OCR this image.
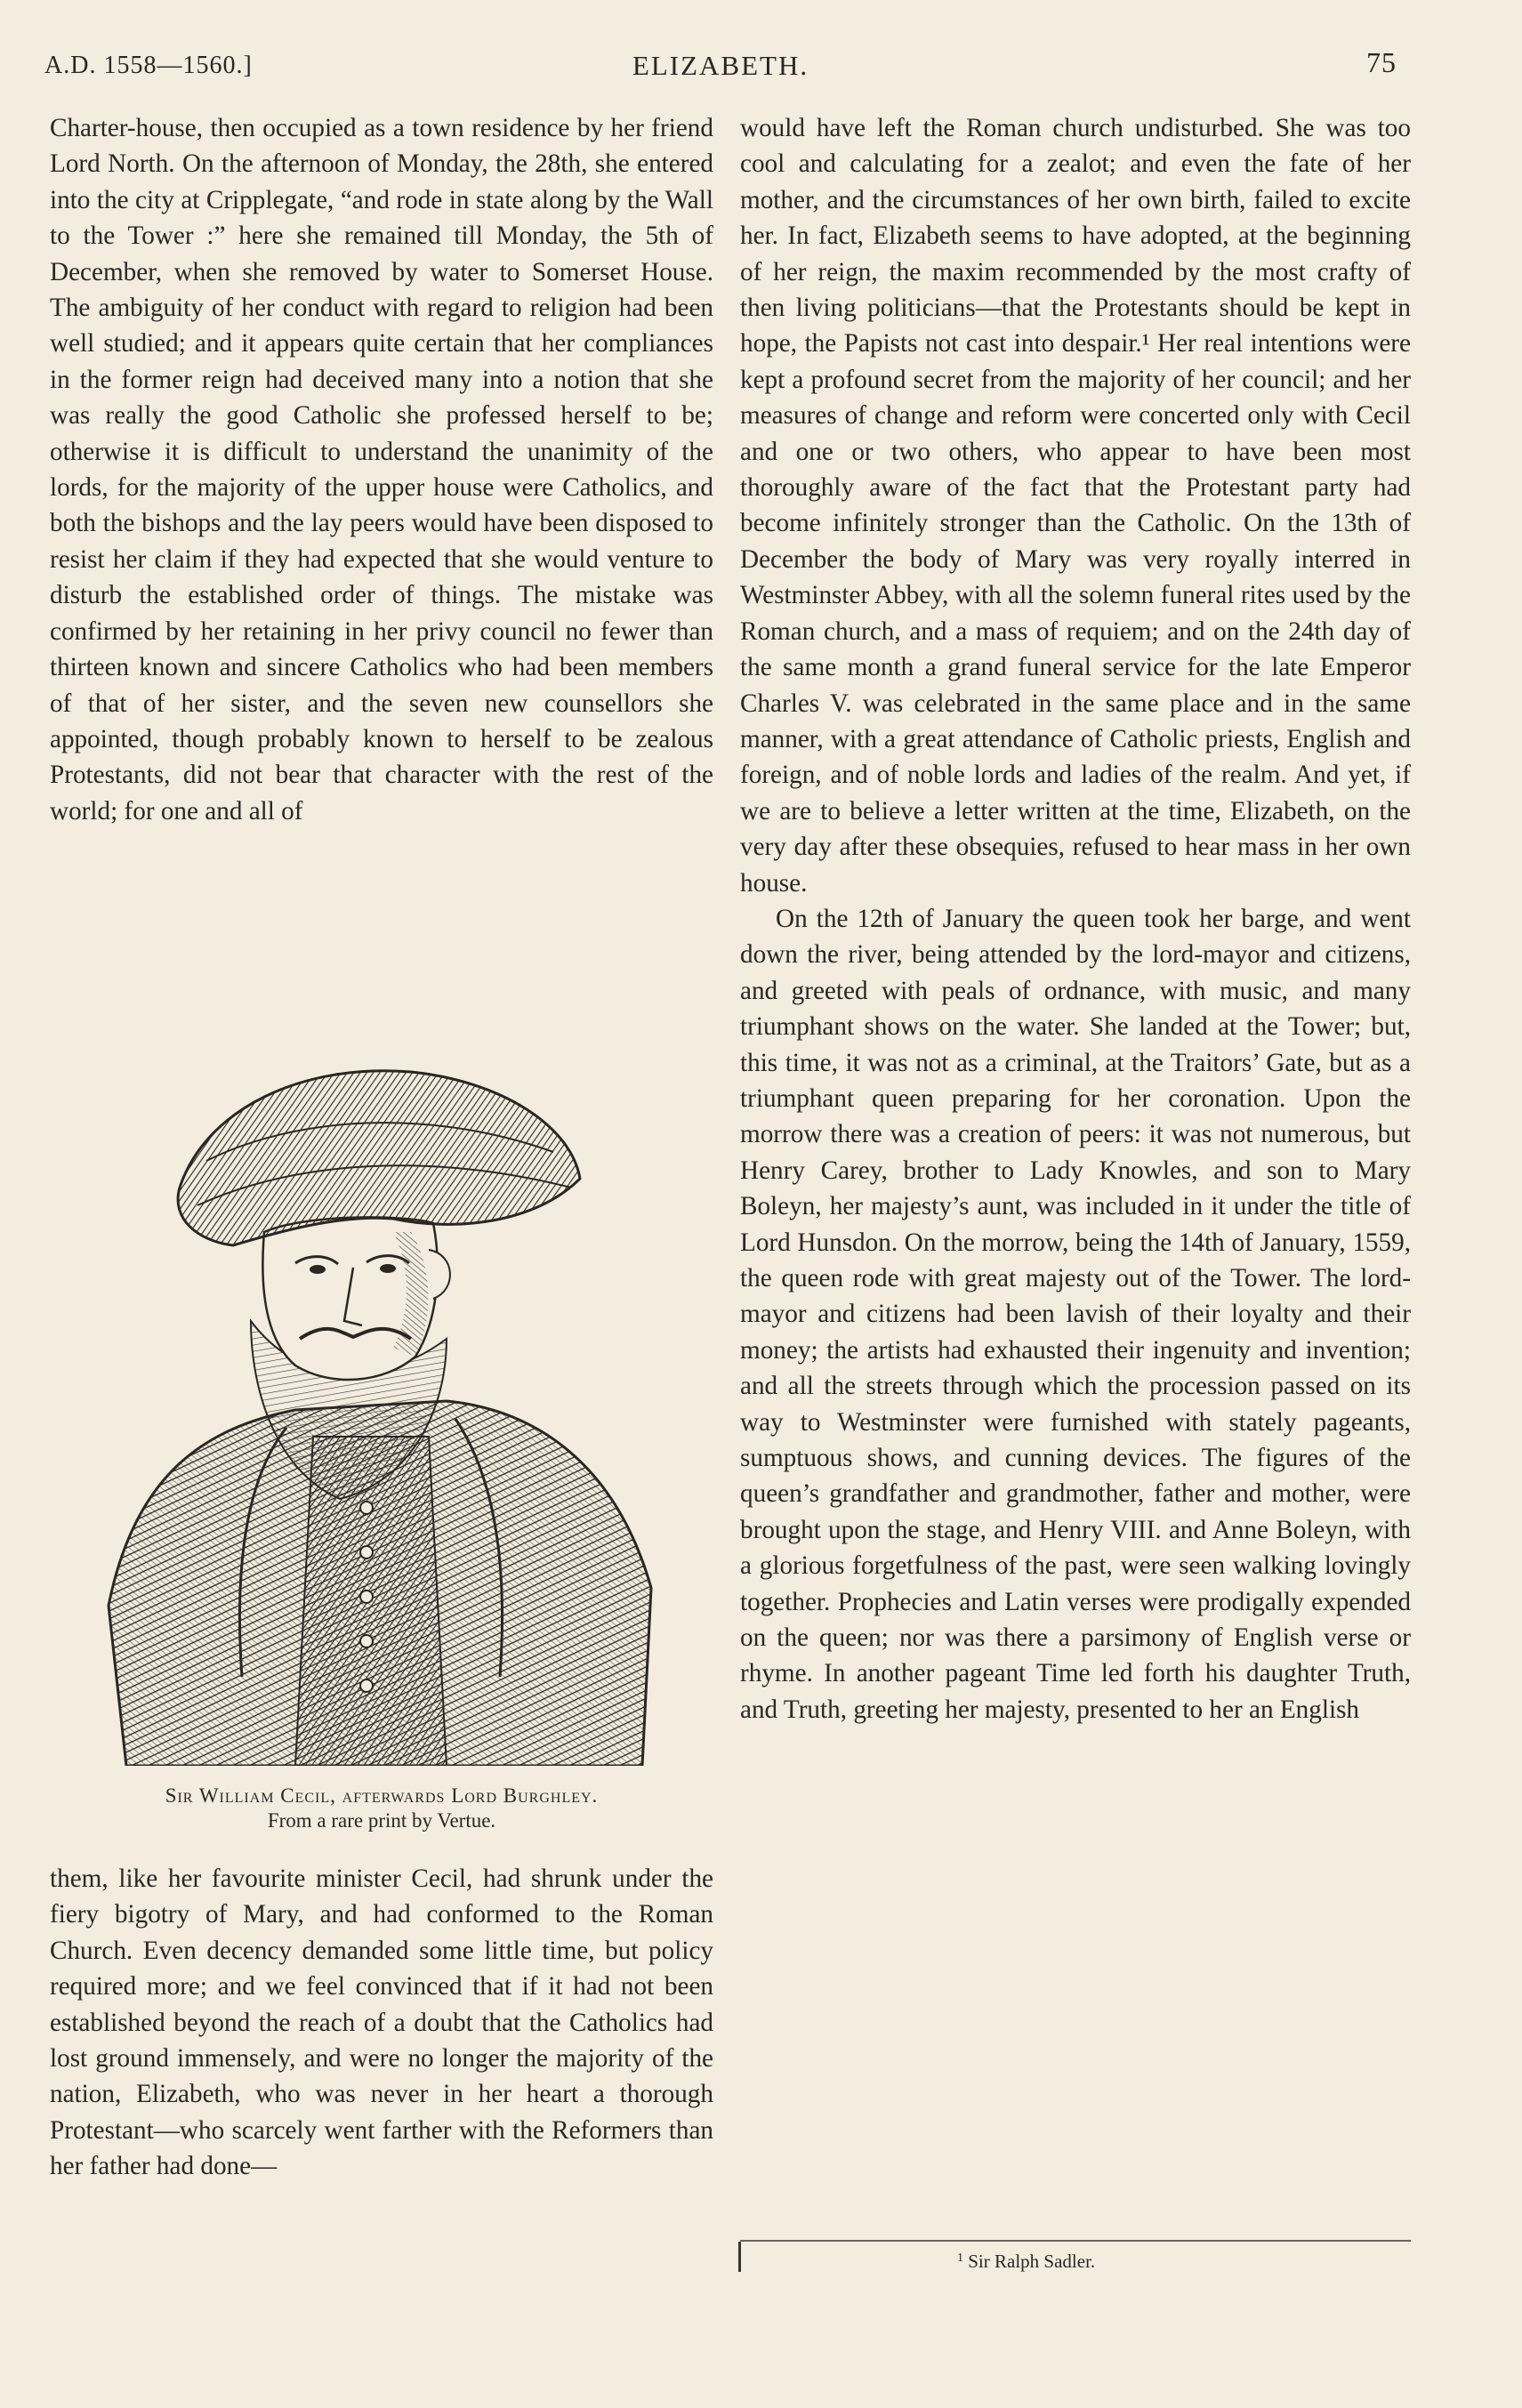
A.D. 1558—1560.]	ELIZABETH.	75

Charter-house, then occupied as a town residence by her friend Lord North. On the afternoon of Monday, the 28th, she entered into the city at Cripplegate, “and rode in state along by the Wall to the Tower :” here she remained till Monday, the 5th of December, when she removed by water to Somerset House. The ambiguity of her conduct with regard to religion had been well studied; and it appears quite certain that her compliances in the former reign had deceived many into a notion that she was really the good Catholic she professed herself to be; otherwise it is difficult to understand the unanimity of the lords, for the majority of the upper house were Catholics, and both the bishops and the lay peers would have been disposed to resist her claim if they had expected that she would venture to disturb the established order of things. The mistake was confirmed by her retaining in her privy council no fewer than thirteen known and sincere Catholics who had been members of that of her sister, and the seven new counsellors she appointed, though probably known to herself to be zealous Protestants, did not bear that character with the rest of the world; for one and all of

Sir William Cecil, afterwards Lord Burghley.
From a rare print by Vertue.

them, like her favourite minister Cecil, had shrunk under the fiery bigotry of Mary, and had conformed to the Roman Church. Even decency demanded some little time, but policy required more; and we feel convinced that if it had not been established beyond the reach of a doubt that the Catholics had lost ground immensely, and were no longer the majority of the nation, Elizabeth, who was never in her heart a thorough Protestant—who scarcely went farther with the Reformers than her father had done—

would have left the Roman church undisturbed. She was too cool and calculating for a zealot; and even the fate of her mother, and the circumstances of her own birth, failed to excite her. In fact, Elizabeth seems to have adopted, at the beginning of her reign, the maxim recommended by the most crafty of then living politicians—that the Protestants should be kept in hope, the Papists not cast into despair.¹ Her real intentions were kept a profound secret from the majority of her council; and her measures of change and reform were concerted only with Cecil and one or two others, who appear to have been most thoroughly aware of the fact that the Protestant party had become infinitely stronger than the Catholic. On the 13th of December the body of Mary was very royally interred in Westminster Abbey, with all the solemn funeral rites used by the Roman church, and a mass of requiem; and on the 24th day of the same month a grand funeral service for the late Emperor Charles V. was celebrated in the same place and in the same manner, with a great attendance of Catholic priests, English and foreign, and of noble lords and ladies of the realm. And yet, if we are to believe a letter written at the time, Elizabeth, on the very day after these obsequies, refused to hear mass in her own house.

On the 12th of January the queen took her barge, and went down the river, being attended by the lord-mayor and citizens, and greeted with peals of ordnance, with music, and many triumphant shows on the water. She landed at the Tower; but, this time, it was not as a criminal, at the Traitors’ Gate, but as a triumphant queen preparing for her coronation. Upon the morrow there was a creation of peers: it was not numerous, but Henry Carey, brother to Lady Knowles, and son to Mary Boleyn, her majesty’s aunt, was included in it under the title of Lord Hunsdon. On the morrow, being the 14th of January, 1559, the queen rode with great majesty out of the Tower. The lord-mayor and citizens had been lavish of their loyalty and their money; the artists had exhausted their ingenuity and invention; and all the streets through which the procession passed on its way to Westminster were furnished with stately pageants, sumptuous shows, and cunning devices. The figures of the queen’s grandfather and grandmother, father and mother, were brought upon the stage, and Henry VIII. and Anne Boleyn, with a glorious forgetfulness of the past, were seen walking lovingly together. Prophecies and Latin verses were prodigally expended on the queen; nor was there a parsimony of English verse or rhyme. In another pageant Time led forth his daughter Truth, and Truth, greeting her majesty, presented to her an English

$^1$ Sir Ralph Sadler.
